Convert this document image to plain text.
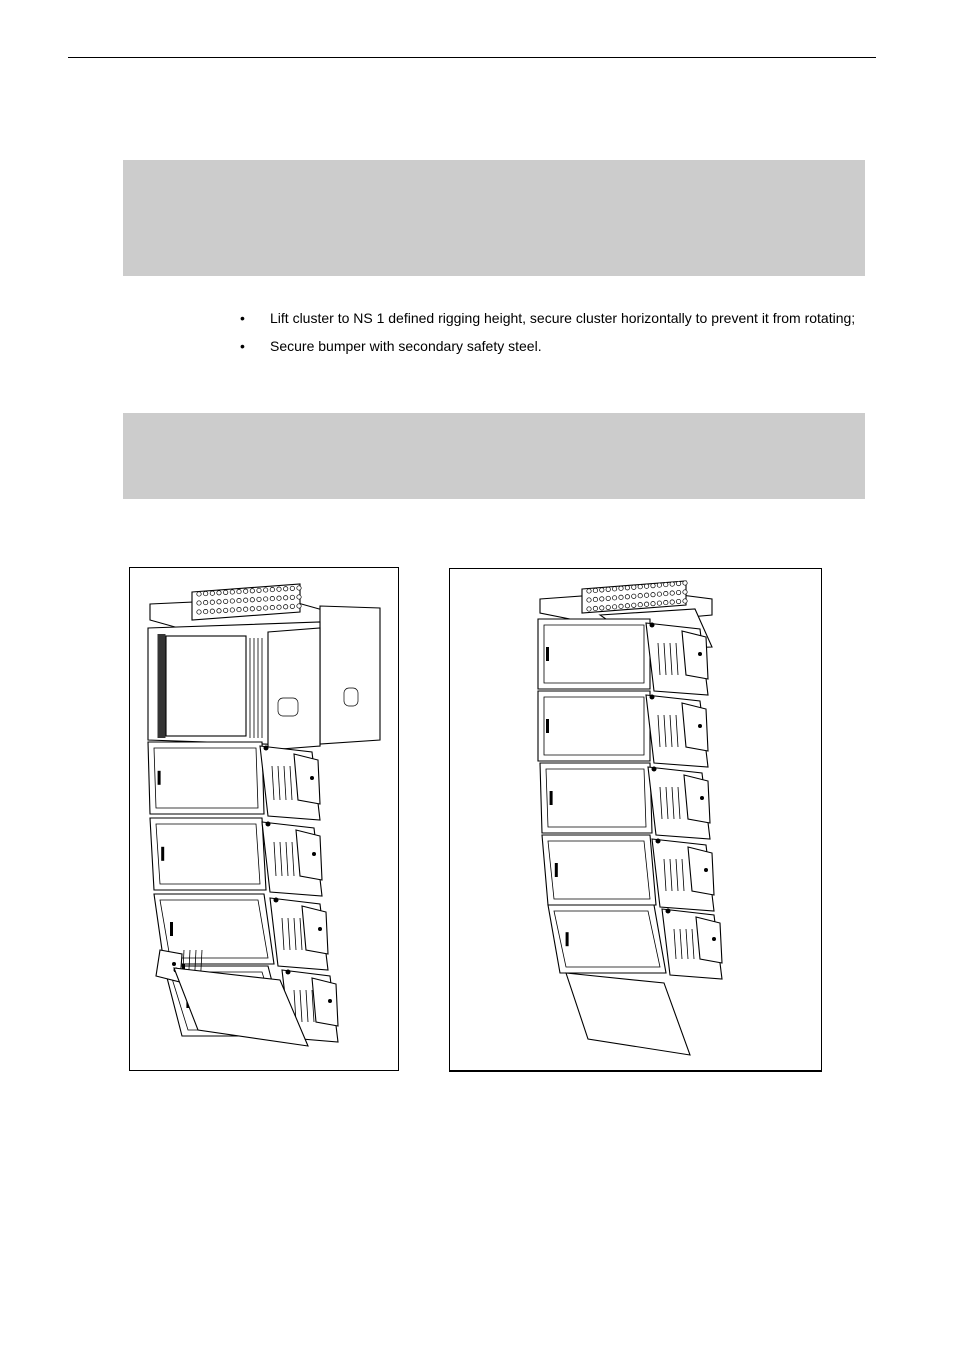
• Lift cluster to NS 1 defined rigging height, secure cluster horizontally to prevent it from rotating;
• Secure bumper with secondary safety steel.
